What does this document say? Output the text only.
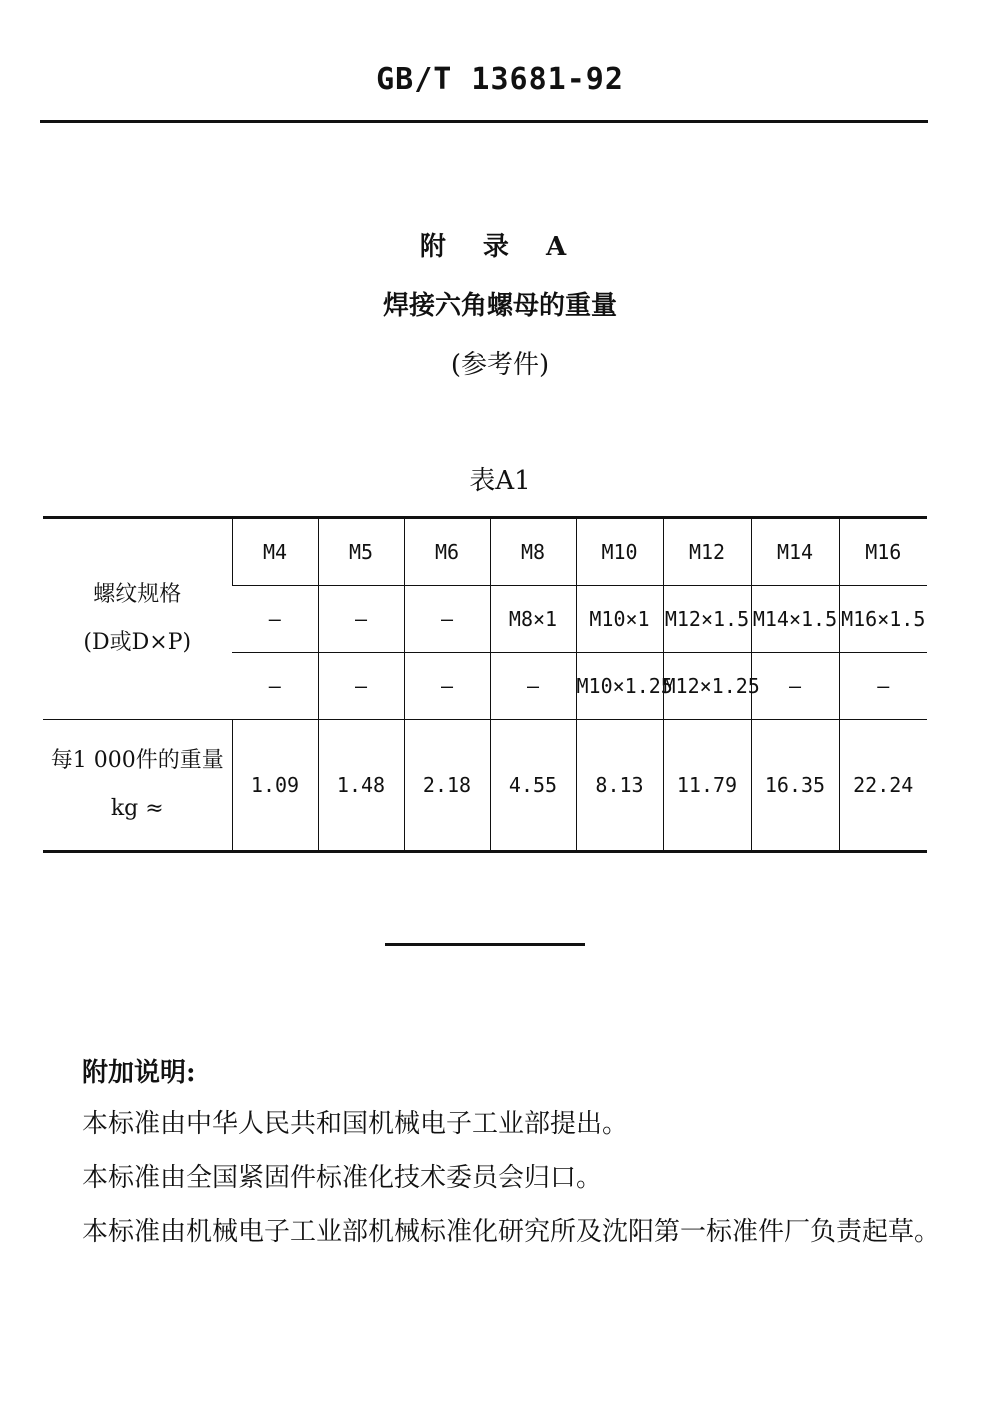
GB/T 13681-92
附 录 A
焊接六角螺母的重量
(参考件)
表A1
螺纹规格
(D或D×P)	M4	M5	M6	M8	M10	M12	M14	M16
	—	—	—	M8×1	M10×1	M12×1.5	M14×1.5	M16×1.5
	—	—	—	—	M10×1.25	M12×1.25	—	—

每1 000件的重量
kg ≈	1.09	1.48	2.18	4.55	8.13	11.79	16.35	22.24
附加说明:
本标准由中华人民共和国机械电子工业部提出。
本标准由全国紧固件标准化技术委员会归口。
本标准由机械电子工业部机械标准化研究所及沈阳第一标准件厂负责起草。
